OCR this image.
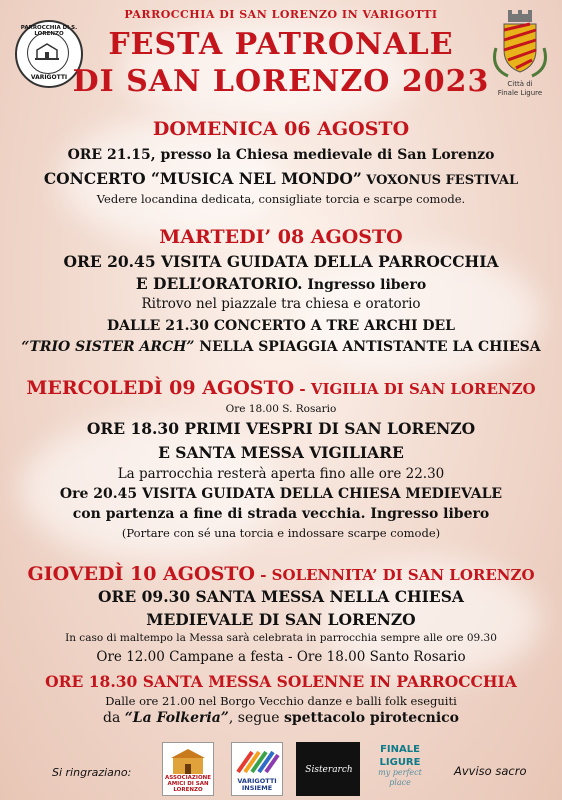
PARROCCHIA DI S. LORENZO
VARIGOTTI
PARROCCHIA DI SAN LORENZO IN VARIGOTTI
FESTA PATRONALE
DI SAN LORENZO 2023	Città di
Finale Ligure
DOMENICA 06 AGOSTO
ORE 21.15, presso la Chiesa medievale di San Lorenzo
CONCERTO “MUSICA NEL MONDO” VOXONUS FESTIVAL
Vedere locandina dedicata, consigliate torcia e scarpe comode.
MARTEDI’ 08 AGOSTO
ORE 20.45 VISITA GUIDATA DELLA PARROCCHIA
E DELL’ORATORIO. Ingresso libero
Ritrovo nel piazzale tra chiesa e oratorio
DALLE 21.30 CONCERTO A TRE ARCHI DEL
“TRIO SISTER ARCH” NELLA SPIAGGIA ANTISTANTE LA CHIESA
MERCOLEDÌ 09 AGOSTO - VIGILIA DI SAN LORENZO
Ore 18.00 S. Rosario
ORE 18.30 PRIMI VESPRI DI SAN LORENZO
E SANTA MESSA VIGILIARE
La parrocchia resterà aperta fino alle ore 22.30
Ore 20.45 VISITA GUIDATA DELLA CHIESA MEDIEVALE
con partenza a fine di strada vecchia. Ingresso libero
(Portare con sé una torcia e indossare scarpe comode)
GIOVEDÌ 10 AGOSTO - SOLENNITA’ DI SAN LORENZO
ORE 09.30 SANTA MESSA NELLA CHIESA
MEDIEVALE DI SAN LORENZO
In caso di maltempo la Messa sarà celebrata in parrocchia sempre alle ore 09.30
Ore 12.00 Campane a festa - Ore 18.00 Santo Rosario
ORE 18.30 SANTA MESSA SOLENNE IN PARROCCHIA
Dalle ore 21.00 nel Borgo Vecchio danze e balli folk eseguiti
da “La Folkeria”, segue spettacolo pirotecnico
Si ringraziano:	ASSOCIAZIONE AMICI DI SAN LORENZO
VARIGOTTI INSIEME
Sisterarch
FINALE
LIGURE
my perfect place
Avviso sacro
